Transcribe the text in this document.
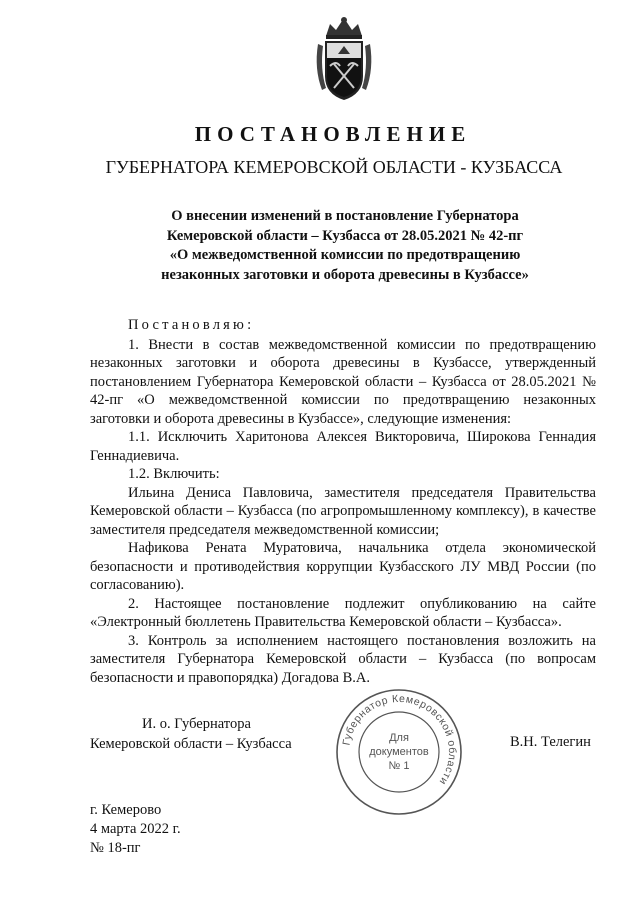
ПОСТАНОВЛЕНИЕ
ГУБЕРНАТОРА КЕМЕРОВСКОЙ ОБЛАСТИ - КУЗБАССА
О внесении изменений в постановление Губернатора
Кемеровской области – Кузбасса от 28.05.2021 № 42-пг
«О межведомственной комиссии по предотвращению
незаконных заготовки и оборота древесины в Кузбассе»

Постановляю:

1. Внести в состав межведомственной комиссии по предотвращению незаконных заготовки и оборота древесины в Кузбассе, утвержденный постановлением Губернатора Кемеровской области – Кузбасса от 28.05.2021 № 42-пг «О межведомственной комиссии по предотвращению незаконных заготовки и оборота древесины в Кузбассе», следующие изменения:

1.1. Исключить Харитонова Алексея Викторовича, Широкова Геннадия Геннадиевича.

1.2. Включить:

Ильина Дениса Павловича, заместителя председателя Правительства Кемеровской области – Кузбасса (по агропромышленному комплексу), в качестве заместителя председателя межведомственной комиссии;

Нафикова Рената Муратовича, начальника отдела экономической безопасности и противодействия коррупции Кузбасского ЛУ МВД России (по согласованию).

2. Настоящее постановление подлежит опубликованию на сайте «Электронный бюллетень Правительства Кемеровской области – Кузбасса».

3. Контроль за исполнением настоящего постановления возложить на заместителя Губернатора Кемеровской области – Кузбасса (по вопросам безопасности и правопорядка) Догадова В.А.

И. о. Губернатора
Кемеровской области – Кузбасса	В.Н. Телегин
Губернатор Кемеровской области
Для
документов
№ 1
г. Кемерово
4 марта 2022 г.
№ 18-пг
